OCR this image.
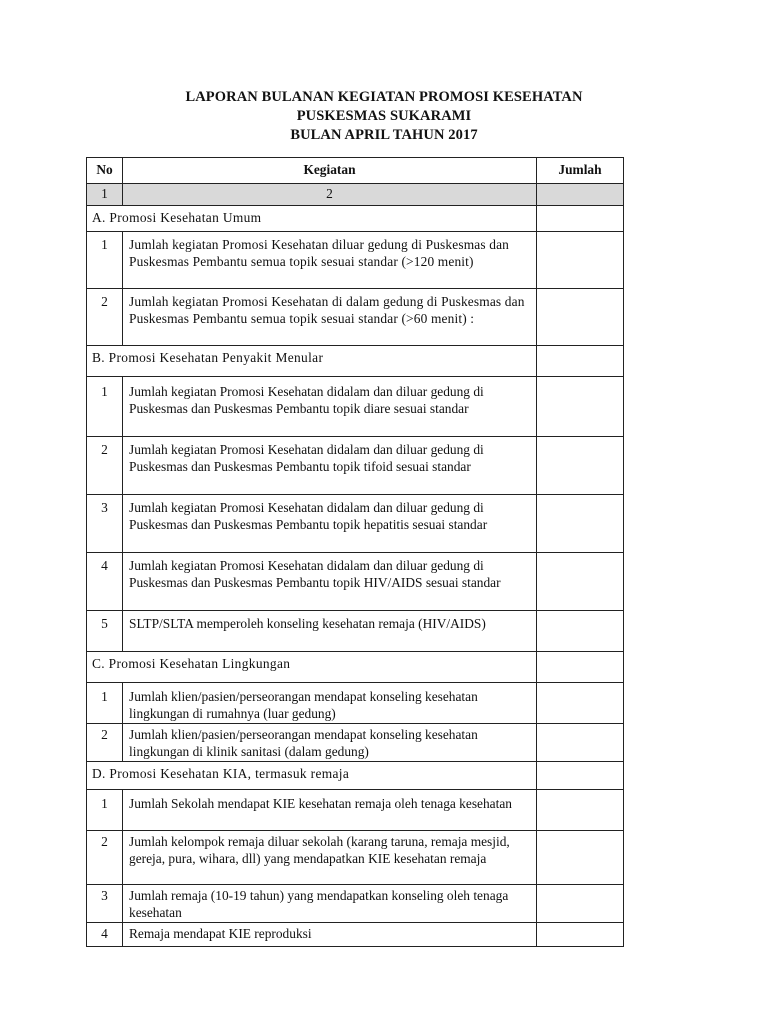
LAPORAN BULANAN KEGIATAN PROMOSI KESEHATAN
PUSKESMAS SUKARAMI
BULAN APRIL TAHUN 2017
No	Kegiatan	Jumlah
1	2	
A. Promosi Kesehatan Umum		
1	Jumlah kegiatan Promosi Kesehatan diluar gedung di Puskesmas dan Puskesmas Pembantu semua topik sesuai standar (>120 menit)	
2	Jumlah kegiatan Promosi Kesehatan di dalam gedung di Puskesmas dan Puskesmas Pembantu semua topik sesuai standar (>60 menit) :	
B. Promosi Kesehatan Penyakit Menular		
1	Jumlah kegiatan Promosi Kesehatan didalam dan diluar gedung di Puskesmas dan Puskesmas Pembantu topik diare sesuai standar	
2	Jumlah kegiatan Promosi Kesehatan didalam dan diluar gedung di Puskesmas dan Puskesmas Pembantu topik tifoid sesuai standar	
3	Jumlah kegiatan Promosi Kesehatan didalam dan diluar gedung di Puskesmas dan Puskesmas Pembantu topik hepatitis sesuai standar	
4	Jumlah kegiatan Promosi Kesehatan didalam dan diluar gedung di Puskesmas dan Puskesmas Pembantu topik HIV/AIDS sesuai standar	
5	SLTP/SLTA memperoleh konseling kesehatan remaja (HIV/AIDS)	
C. Promosi Kesehatan Lingkungan		
1	Jumlah klien/pasien/perseorangan mendapat konseling kesehatan lingkungan di rumahnya (luar gedung)	
2	Jumlah klien/pasien/perseorangan mendapat konseling kesehatan lingkungan di klinik sanitasi (dalam gedung)	
D. Promosi Kesehatan KIA, termasuk remaja		
1	Jumlah Sekolah mendapat KIE kesehatan remaja oleh tenaga kesehatan	
2	Jumlah kelompok remaja diluar sekolah (karang taruna, remaja mesjid, gereja, pura, wihara, dll) yang mendapatkan KIE kesehatan remaja	
3	Jumlah remaja (10-19 tahun) yang mendapatkan konseling oleh tenaga kesehatan	
4	Remaja mendapat KIE reproduksi	
